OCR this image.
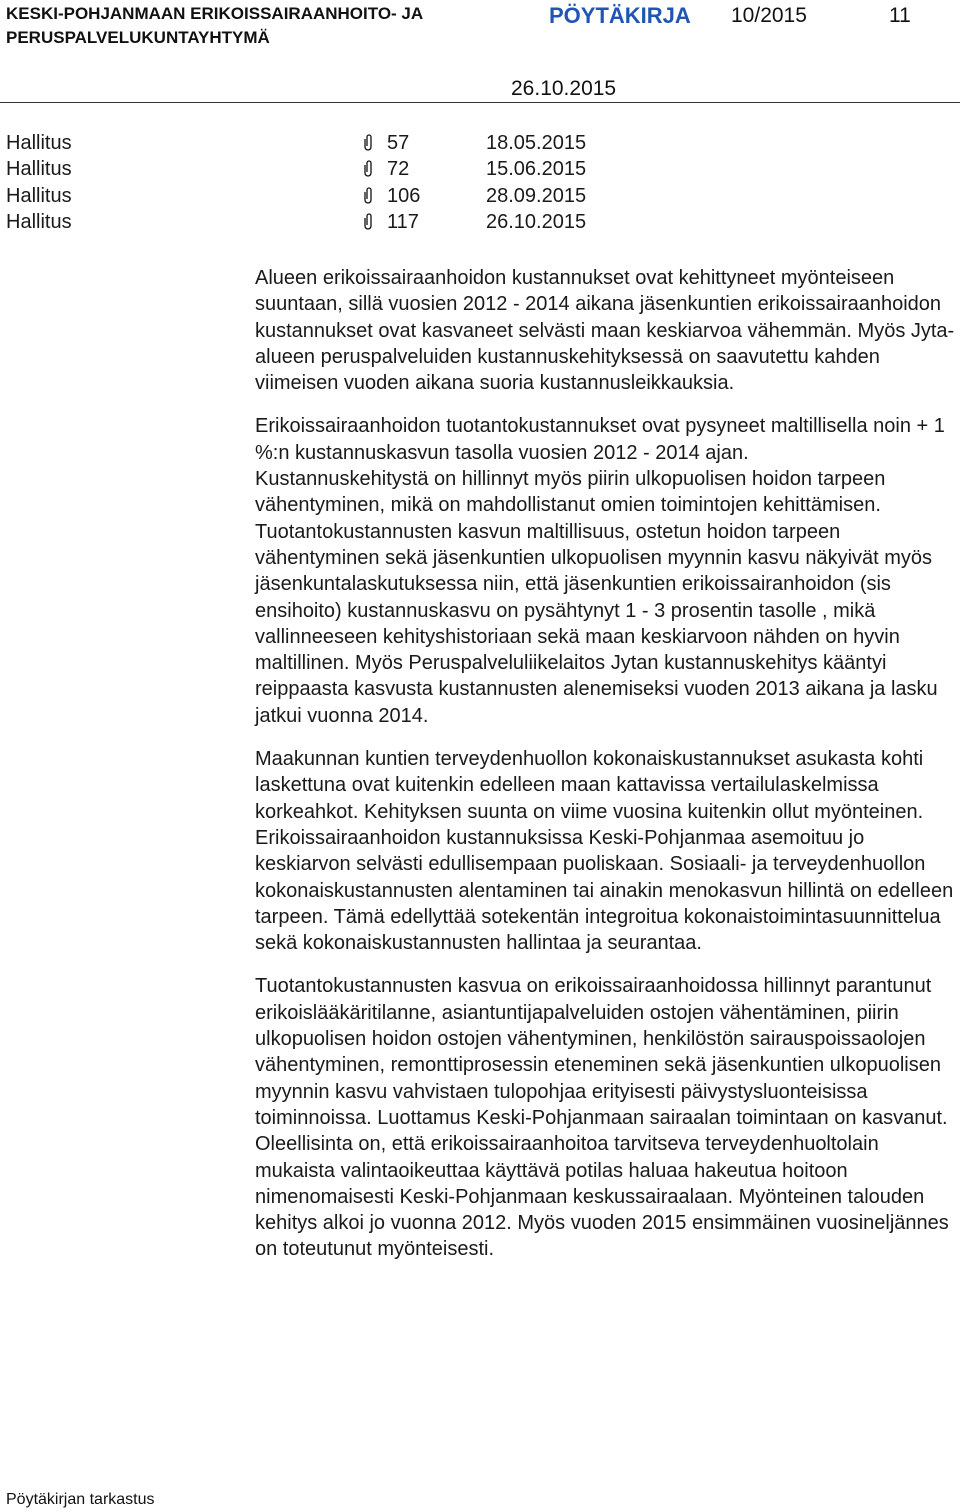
KESKI-POHJANMAAN ERIKOISSAIRAANHOITO- JA
PERUSPALVELUKUNTAYHTYMÄ
PÖYTÄKIRJA 10/2015	11
26.10.2015
Hallitus	57	18.05.2015
Hallitus	72	15.06.2015
Hallitus	106	28.09.2015
Hallitus	117	26.10.2015

Alueen erikoissairaanhoidon kustannukset ovat kehittyneet myönteiseen suuntaan, sillä vuosien 2012 - 2014 aikana jäsenkuntien erikoissairaanhoidon kustannukset ovat kasvaneet selvästi maan keskiarvoa vähemmän. Myös Jyta-alueen peruspalveluiden kustannuskehityksessä on saavutettu kahden viimeisen vuoden aikana suoria kustannusleikkauksia.

Erikoissairaanhoidon tuotantokustannukset ovat pysyneet maltillisella noin + 1 %:n kustannuskasvun tasolla vuosien 2012 - 2014 ajan.

Kustannuskehitystä on hillinnyt myös piirin ulkopuolisen hoidon tarpeen vähentyminen, mikä on mahdollistanut omien toimintojen kehittämisen. Tuotantokustannusten kasvun maltillisuus, ostetun hoidon tarpeen vähentyminen sekä jäsenkuntien ulkopuolisen myynnin kasvu näkyivät myös jäsenkuntalaskutuksessa niin, että jäsenkuntien erikoissairanhoidon (sis ensihoito) kustannuskasvu on pysähtynyt 1 - 3 prosentin tasolle , mikä vallinneeseen kehityshistoriaan sekä maan keskiarvoon nähden on hyvin maltillinen. Myös Peruspalveluliikelaitos Jytan kustannuskehitys kääntyi reippaasta kasvusta kustannusten alenemiseksi vuoden 2013 aikana ja lasku jatkui vuonna 2014.

Maakunnan kuntien terveydenhuollon kokonaiskustannukset asukasta kohti laskettuna ovat kuitenkin edelleen maan kattavissa vertailulaskelmissa korkeahkot. Kehityksen suunta on viime vuosina kuitenkin ollut myönteinen. Erikoissairaanhoidon kustannuksissa Keski-Pohjanmaa asemoituu jo keskiarvon selvästi edullisempaan puoliskaan. Sosiaali- ja terveydenhuollon kokonaiskustannusten alentaminen tai ainakin menokasvun hillintä on edelleen tarpeen. Tämä edellyttää sotekentän integroitua kokonaistoimintasuunnittelua sekä kokonaiskustannusten hallintaa ja seurantaa.

Tuotantokustannusten kasvua on erikoissairaanhoidossa hillinnyt parantunut erikoislääkäritilanne, asiantuntijapalveluiden ostojen vähentäminen, piirin ulkopuolisen hoidon ostojen vähentyminen, henkilöstön sairauspoissaolojen vähentyminen, remonttiprosessin eteneminen sekä jäsenkuntien ulkopuolisen myynnin kasvu vahvistaen tulopohjaa erityisesti päivystysluonteisissa toiminnoissa. Luottamus Keski-Pohjanmaan sairaalan toimintaan on kasvanut. Oleellisinta on, että erikoissairaanhoitoa tarvitseva terveydenhuoltolain mukaista valintaoikeuttaa käyttävä potilas haluaa hakeutua hoitoon nimenomaisesti Keski-Pohjanmaan keskussairaalaan. Myönteinen talouden kehitys alkoi jo vuonna 2012. Myös vuoden 2015 ensimmäinen vuosineljännes on toteutunut myönteisesti.

Pöytäkirjan tarkastus
